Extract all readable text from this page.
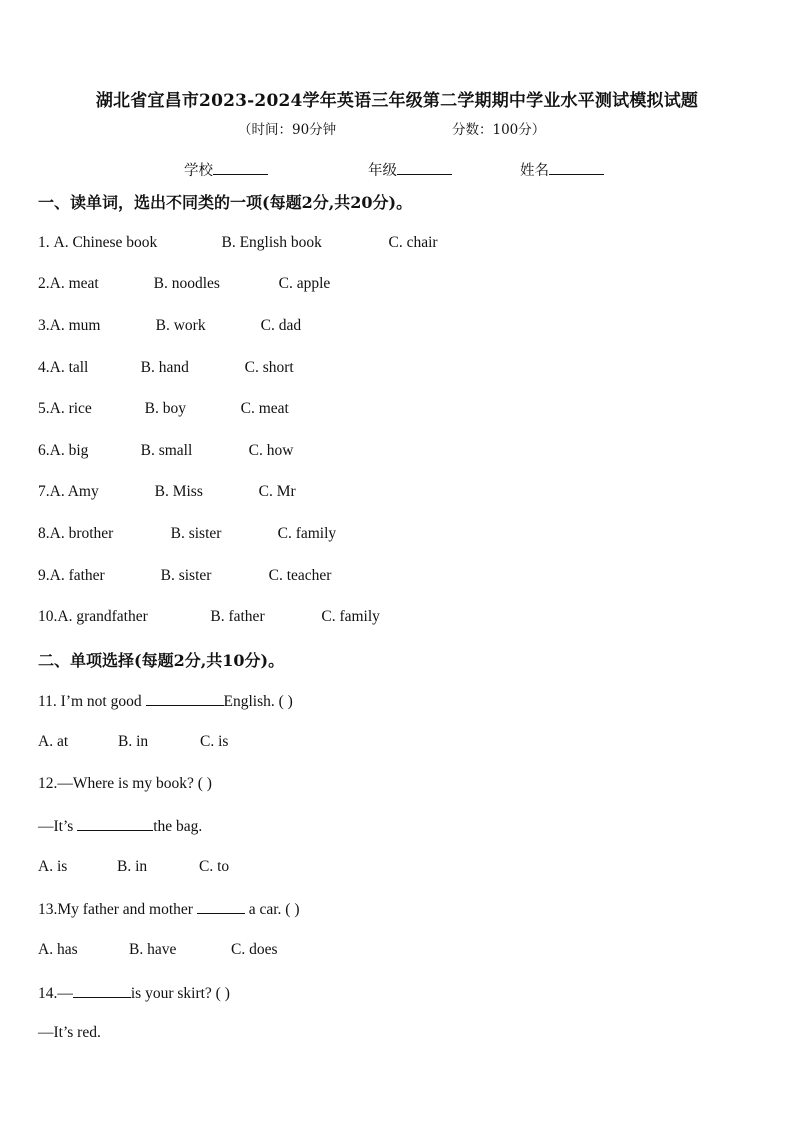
湖北省宜昌市2023-2024学年英语三年级第二学期期中学业水平测试模拟试题
（时间：90分钟	分数：100分）
学校	年级	姓名
一、读单词，选出不同类的一项(每题2分,共20分)。
1. A. Chinese book	B. English book	C. chair
2.A. meat	B. noodles	C. apple
3.A. mum	B. work	C. dad
4.A. tall	B. hand	C. short
5.A. rice	B. boy	C. meat
6.A. big	B. small	C. how
7.A. Amy	B. Miss	C. Mr
8.A. brother	B. sister	C. family
9.A. father	B. sister	C. teacher
10.A. grandfather	B. father	C. family
二、单项选择(每题2分,共10分)。
11. I’m not good	English. ( )
A. at	B. in	C. is
12.—Where is my book? ( )
—It’s	the bag.
A. is	B. in	C. to
13.My father and mother	a car. ( )
A. has	B. have	C. does
14.—	is your skirt? ( )
—It’s red.
